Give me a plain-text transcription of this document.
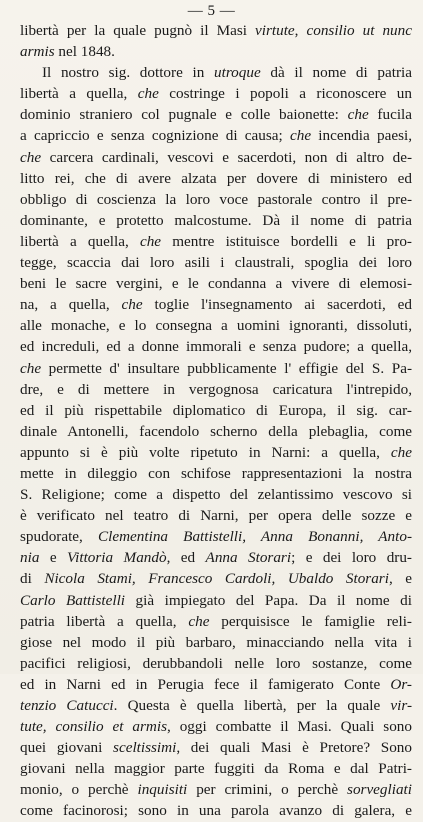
— 5 —
libertà per la quale pugnò il Masi virtute, consilio ut nunc
armis nel 1848.
Il nostro sig. dottore in utroque dà il nome di patria
libertà a quella, che costringe i popoli a riconoscere un
dominio straniero col pugnale e colle baionette: che fucila
a capriccio e senza cognizione di causa; che incendia paesi,
che carcera cardinali, vescovi e sacerdoti, non di altro de-
litto rei, che di avere alzata per dovere di ministero ed
obbligo di coscienza la loro voce pastorale contro il pre-
dominante, e protetto malcostume. Dà il nome di patria
libertà a quella, che mentre istituisce bordelli e li pro-
tegge, scaccia dai loro asili i claustrali, spoglia dei loro
beni le sacre vergini, e le condanna a vivere di elemosi-
na, a quella, che toglie l'insegnamento ai sacerdoti, ed
alle monache, e lo consegna a uomini ignoranti, dissoluti,
ed increduli, ed a donne immorali e senza pudore; a quella,
che permette d' insultare pubblicamente l' effigie del S. Pa-
dre, e di mettere in vergognosa caricatura l'intrepido,
ed il più rispettabile diplomatico di Europa, il sig. car-
dinale Antonelli, facendolo scherno della plebaglia, come
appunto si è più volte ripetuto in Narni: a quella, che
mette in dileggio con schifose rappresentazioni la nostra
S. Religione; come a dispetto del zelantissimo vescovo si
è verificato nel teatro di Narni, per opera delle sozze e
spudorate, Clementina Battistelli, Anna Bonanni, Anto-
nia e Vittoria Mandò, ed Anna Storari; e dei loro dru-
di Nicola Stami, Francesco Cardoli, Ubaldo Storari, e
Carlo Battistelli già impiegato del Papa. Da il nome di
patria libertà a quella, che perquisisce le famiglie reli-
giose nel modo il più barbaro, minacciando nella vita i
pacifici religiosi, derubbandoli nelle loro sostanze, come
ed in Narni ed in Perugia fece il famigerato Conte Or-
tenzio Catucci. Questa è quella libertà, per la quale vir-
tute, consilio et armis, oggi combatte il Masi. Quali sono
quei giovani sceltissimi, dei quali Masi è Pretore? Sono
giovani nella maggior parte fuggiti da Roma e dal Patri-
monio, o perchè inquisiti per crimini, o perchè sorvegliati
come facinorosi; sono in una parola avanzo di galera, e
